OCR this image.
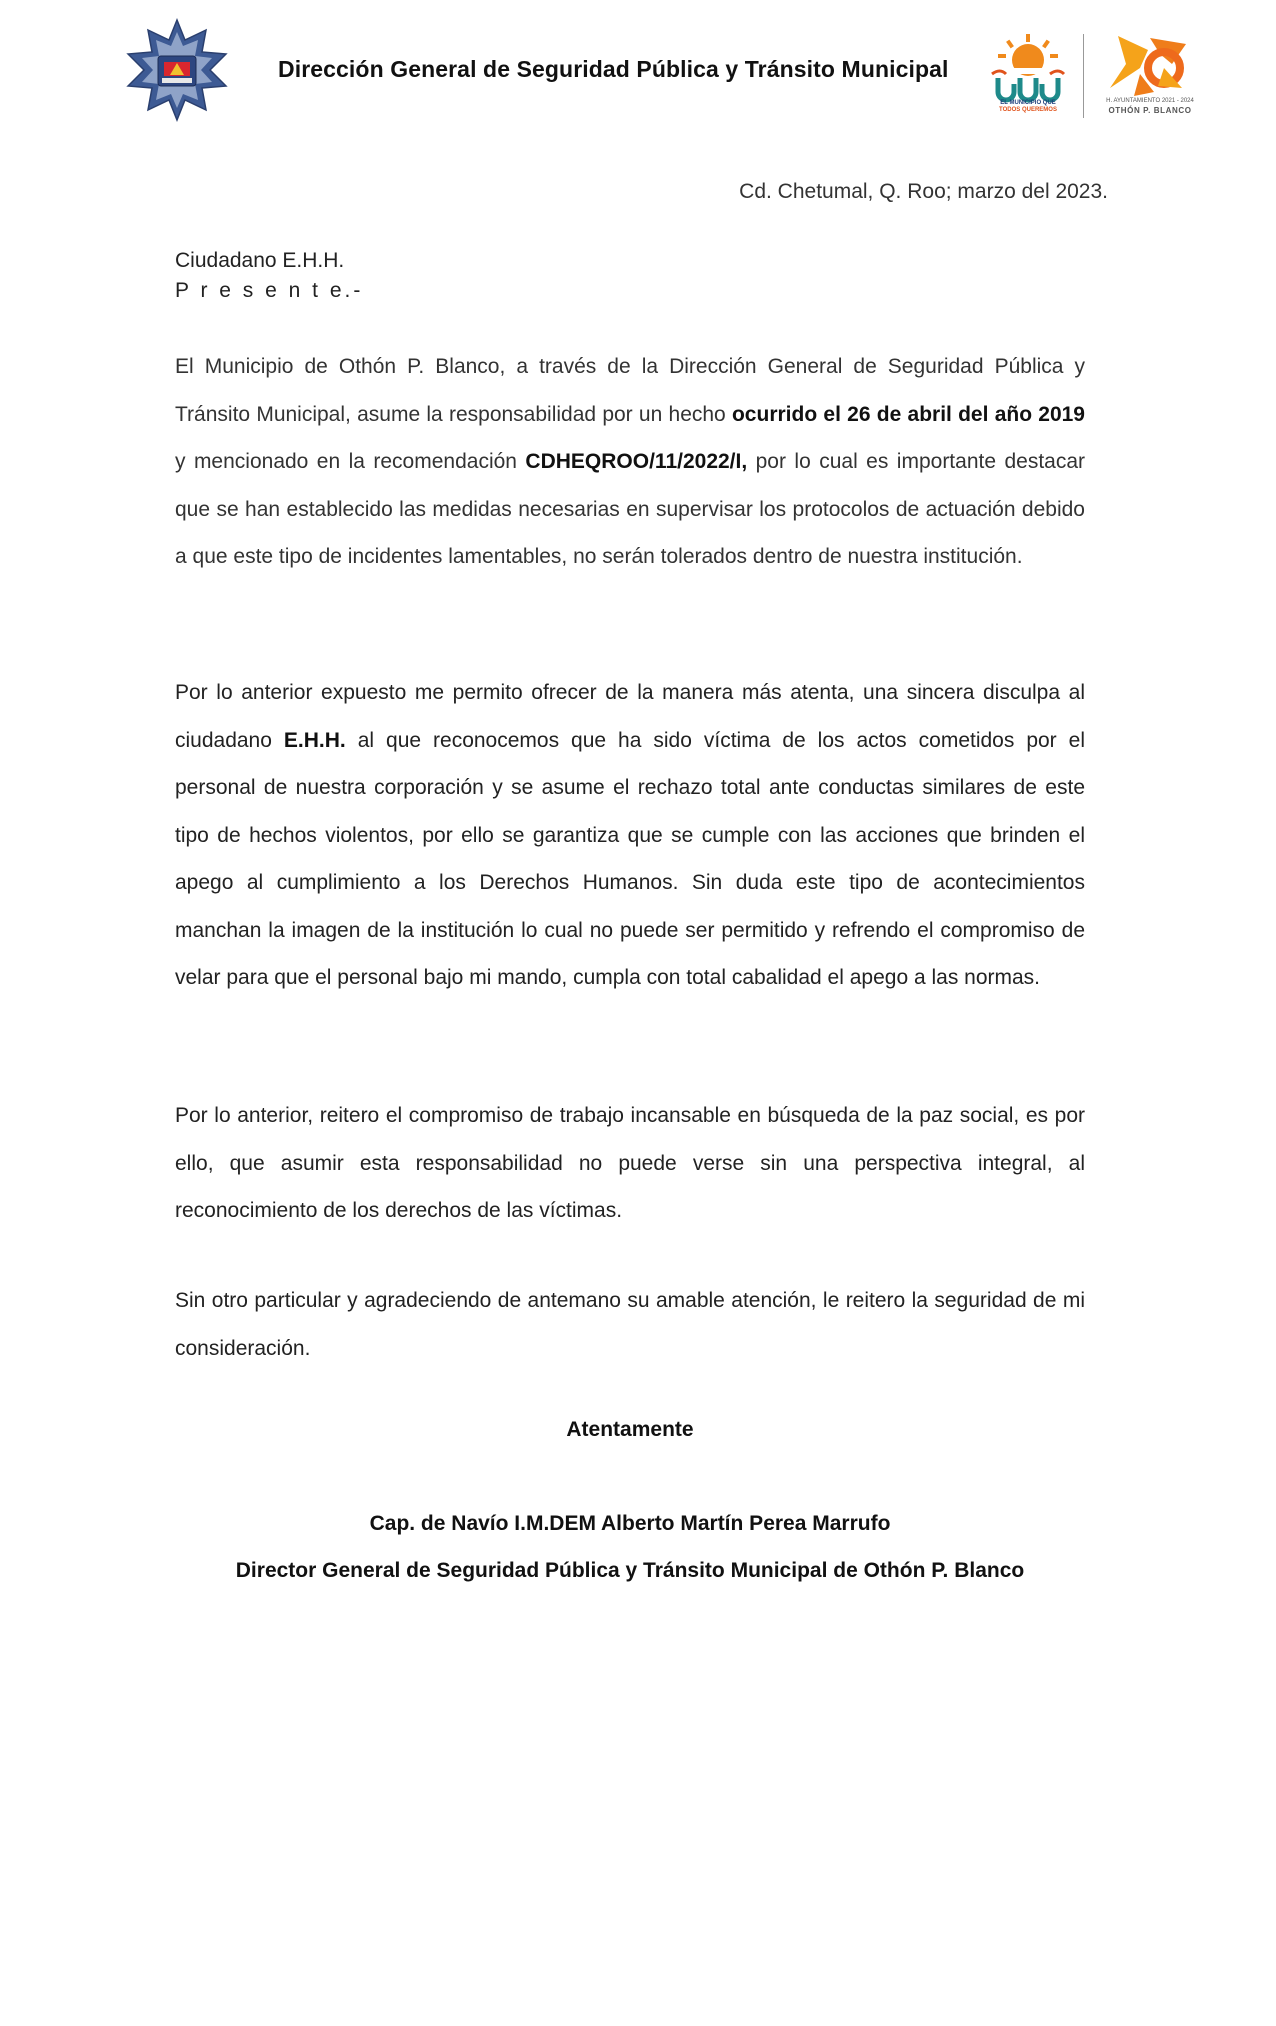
Dirección General de Seguridad Pública y Tránsito Municipal
EL MUNICIPIO QUE
TODOS QUEREMOS
H. AYUNTAMIENTO 2021 - 2024
OTHÓN P. BLANCO
Cd. Chetumal, Q. Roo; marzo del 2023.
Ciudadano E.H.H.
P r e s e n t e.-

El Municipio de Othón P. Blanco, a través de la Dirección General de Seguridad Pública y Tránsito Municipal, asume la responsabilidad por un hecho ocurrido el 26 de abril del año 2019 y mencionado en la recomendación CDHEQROO/11/2022/I, por lo cual es importante destacar que se han establecido las medidas necesarias en supervisar los protocolos de actuación debido a que este tipo de incidentes lamentables, no serán tolerados dentro de nuestra institución.

Por lo anterior expuesto me permito ofrecer de la manera más atenta, una sincera disculpa al ciudadano E.H.H. al que reconocemos que ha sido víctima de los actos cometidos por el personal de nuestra corporación y se asume el rechazo total ante conductas similares de este tipo de hechos violentos, por ello se garantiza que se cumple con las acciones que brinden el apego al cumplimiento a los Derechos Humanos. Sin duda este tipo de acontecimientos manchan la imagen de la institución lo cual no puede ser permitido y refrendo el compromiso de velar para que el personal bajo mi mando, cumpla con total cabalidad el apego a las normas.

Por lo anterior, reitero el compromiso de trabajo incansable en búsqueda de la paz social, es por ello, que asumir esta responsabilidad no puede verse sin una perspectiva integral, al reconocimiento de los derechos de las víctimas.

Sin otro particular y agradeciendo de antemano su amable atención, le reitero la seguridad de mi consideración.

Atentamente
Cap. de Navío I.M.DEM Alberto Martín Perea Marrufo
Director General de Seguridad Pública y Tránsito Municipal de Othón P. Blanco
